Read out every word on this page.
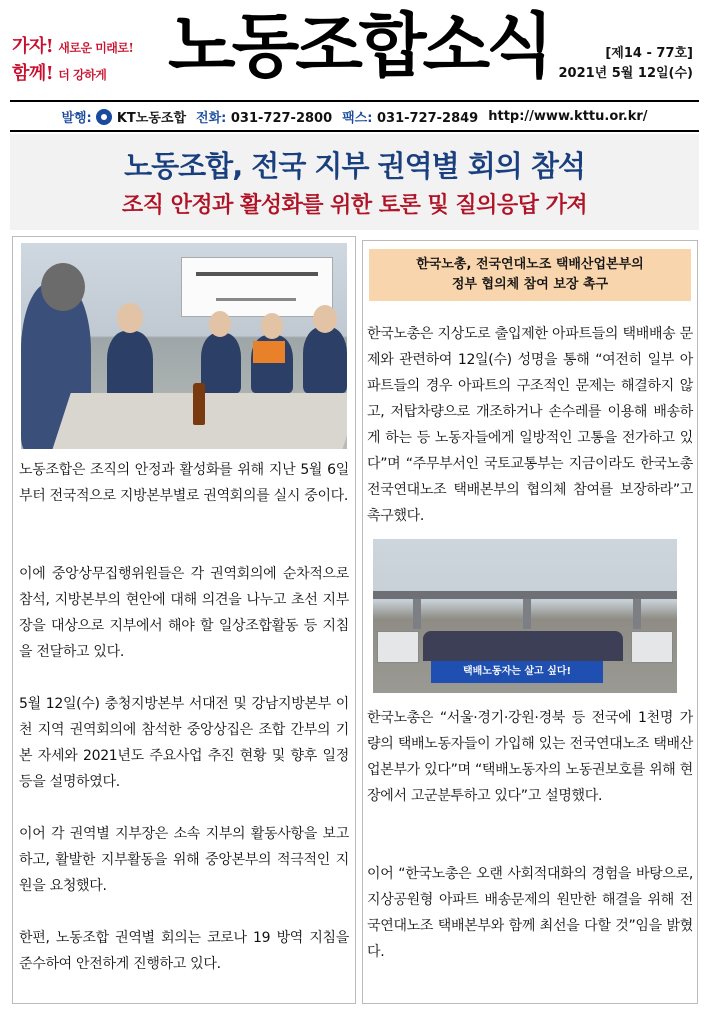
가자! 새로운 미래로!
함께! 더 강하게 노동조합소식	[제14 - 77호]
2021년 5월 12일(수)
발행: KT노동조합 전화: 031-727-2800 팩스: 031-727-2849 http://www.kttu.or.kr/
노동조합, 전국 지부 권역별 회의 참석
조직 안정과 활성화를 위한 토론 및 질의응답 가져
노동조합은 조직의 안정과 활성화를 위해 지난 5월 6일부터 전국적으로 지방본부별로 권역회의를 실시 중이다.
이에 중앙상무집행위원들은 각 권역회의에 순차적으로 참석, 지방본부의 현안에 대해 의견을 나누고 초선 지부장을 대상으로 지부에서 해야 할 일상조합활동 등 지침을 전달하고 있다.
5월 12일(수) 충청지방본부 서대전 및 강남지방본부 이천 지역 권역회의에 참석한 중앙상집은 조합 간부의 기본 자세와 2021년도 주요사업 추진 현황 및 향후 일정 등을 설명하였다.
이어 각 권역별 지부장은 소속 지부의 활동사항을 보고하고, 활발한 지부활동을 위해 중앙본부의 적극적인 지원을 요청했다.
한편, 노동조합 권역별 회의는 코로나 19 방역 지침을 준수하여 안전하게 진행하고 있다.
한국노총, 전국연대노조 택배산업본부의
정부 협의체 참여 보장 촉구
한국노총은 지상도로 출입제한 아파트들의 택배배송 문제와 관련하여 12일(수) 성명을 통해 “여전히 일부 아파트들의 경우 아파트의 구조적인 문제는 해결하지 않고, 저탑차량으로 개조하거나 손수레를 이용해 배송하게 하는 등 노동자들에게 일방적인 고통을 전가하고 있다”며 “주무부서인 국토교통부는 지금이라도 한국노총 전국연대노조 택배본부의 협의체 참여를 보장하라”고 촉구했다.
택배노동자는 살고 싶다!
한국노총은 “서울·경기·강원·경북 등 전국에 1천명 가량의 택배노동자들이 가입해 있는 전국연대노조 택배산업본부가 있다”며 “택배노동자의 노동권보호를 위해 현장에서 고군분투하고 있다”고 설명했다.
이어 “한국노총은 오랜 사회적대화의 경험을 바탕으로, 지상공원형 아파트 배송문제의 원만한 해결을 위해 전국연대노조 택배본부와 함께 최선을 다할 것”임을 밝혔다.
